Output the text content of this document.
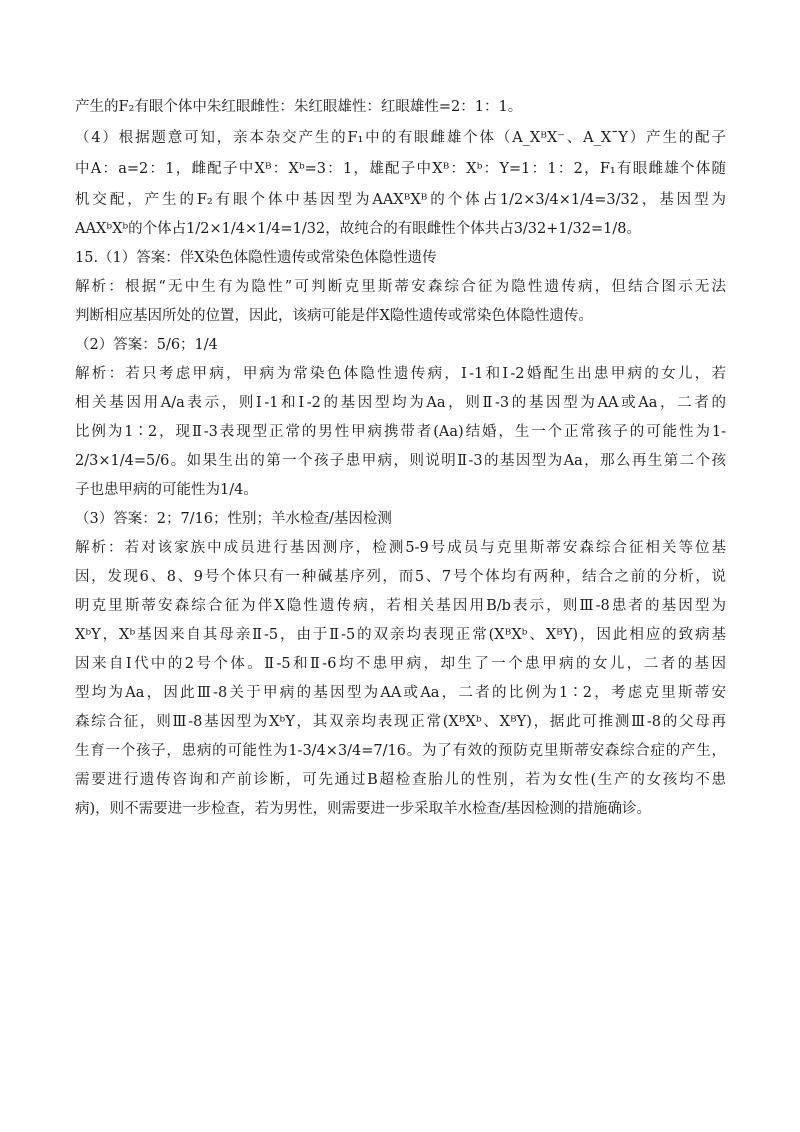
产生的F₂有眼个体中朱红眼雌性：朱红眼雄性：红眼雄性=2：1：1。
（4）根据题意可知，亲本杂交产生的F₁中的有眼雌雄个体（A_XᴮX⁻、A_XˉY）产生的配子
中A：a=2：1，雌配子中Xᴮ：Xᵇ=3：1，雄配子中Xᴮ：Xᵇ：Y=1：1：2，F₁有眼雌雄个体随
机交配，产生的F₂有眼个体中基因型为AAXᴮXᴮ的个体占1/2×3/4×1/4=3/32，基因型为
AAXᵇXᵇ的个体占1/2×1/4×1/4=1/32，故纯合的有眼雌性个体共占3/32+1/32=1/8。
15.（1）答案：伴X染色体隐性遗传或常染色体隐性遗传
解析：根据“无中生有为隐性”可判断克里斯蒂安森综合征为隐性遗传病，但结合图示无法
判断相应基因所处的位置，因此，该病可能是伴X隐性遗传或常染色体隐性遗传。
（2）答案：5/6；1/4
解析：若只考虑甲病，甲病为常染色体隐性遗传病，Ⅰ-1和Ⅰ-2婚配生出患甲病的女儿，若
相关基因用A/a表示，则Ⅰ-1和Ⅰ-2的基因型均为Aa，则Ⅱ-3的基因型为AA或Aa，二者的
比例为1∶2，现Ⅱ-3表现型正常的男性甲病携带者(Aa)结婚，生一个正常孩子的可能性为1-
2/3×1/4=5/6。如果生出的第一个孩子患甲病，则说明Ⅱ-3的基因型为Aa，那么再生第二个孩
子也患甲病的可能性为1/4。
（3）答案：2；7/16；性别；羊水检查/基因检测
解析：若对该家族中成员进行基因测序，检测5-9号成员与克里斯蒂安森综合征相关等位基
因，发现6、8、9号个体只有一种碱基序列，而5、7号个体均有两种，结合之前的分析，说
明克里斯蒂安森综合征为伴X隐性遗传病，若相关基因用B/b表示，则Ⅲ-8患者的基因型为
XᵇY，Xᵇ基因来自其母亲Ⅱ-5，由于Ⅱ-5的双亲均表现正常(XᴮXᵇ、XᴮY)，因此相应的致病基
因来自I代中的2号个体。Ⅱ-5和Ⅱ-6均不患甲病，却生了一个患甲病的女儿，二者的基因
型均为Aa，因此Ⅲ-8关于甲病的基因型为AA或Aa，二者的比例为1∶2，考虑克里斯蒂安
森综合征，则Ⅲ-8基因型为XᵇY，其双亲均表现正常(XᴮXᵇ、XᴮY)，据此可推测Ⅲ-8的父母再
生育一个孩子，患病的可能性为1-3/4×3/4=7/16。为了有效的预防克里斯蒂安森综合症的产生，
需要进行遗传咨询和产前诊断，可先通过B超检查胎儿的性别，若为女性(生产的女孩均不患
病)，则不需要进一步检查，若为男性，则需要进一步采取羊水检查/基因检测的措施确诊。
